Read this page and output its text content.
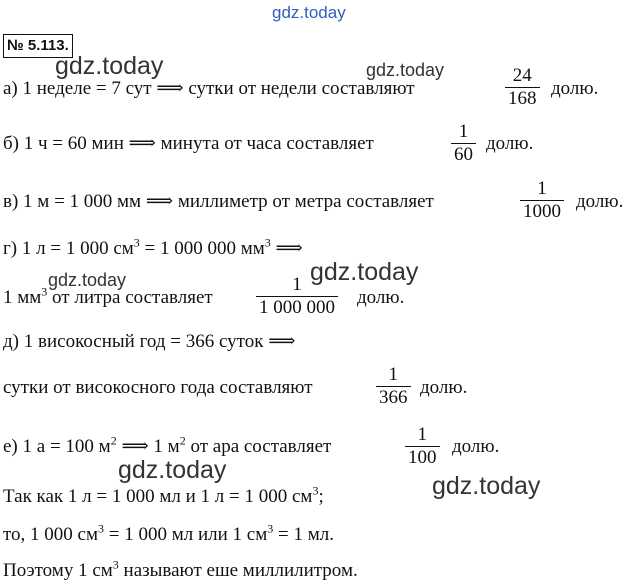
gdz.today
gdz.today	gdz.today
gdz.today	gdz.today
gdz.today
gdz.today
№ 5.113.
а) 1 неделе = 7 сут ⟹ сутки от недели составляют	$\frac{24}{168}$ долю.
б) 1 ч = 60 мин ⟹ минута от часа составляет	$\frac{1}{60}$ долю.
в) 1 м = 1 000 мм ⟹ миллиметр от метра составляет	$\frac{1}{1000}$ долю.
г) 1 л = 1 000 $см^3 = 1$ 000 000 $мм^3$ ⟹
1 $мм^3$ от литра составляет $\frac{1}{1 000 000}$ долю.
д) 1 високосный год = 366 суток ⟹
сутки от високосного года составляют	$\frac{1}{366}$ долю.
е) 1 а = 100 $м^2$ ⟹ 1 $м^2$ от ара составляет	$\frac{1}{100}$ долю.
Так как 1 л = 1 000 мл и 1 л = 1 000 $см^3$;
то, 1 000 $см^3 = 1$ 000 мл или 1 $см^3 = 1$ мл.
Поэтому 1 $см^3$ называют еше миллилитром.
